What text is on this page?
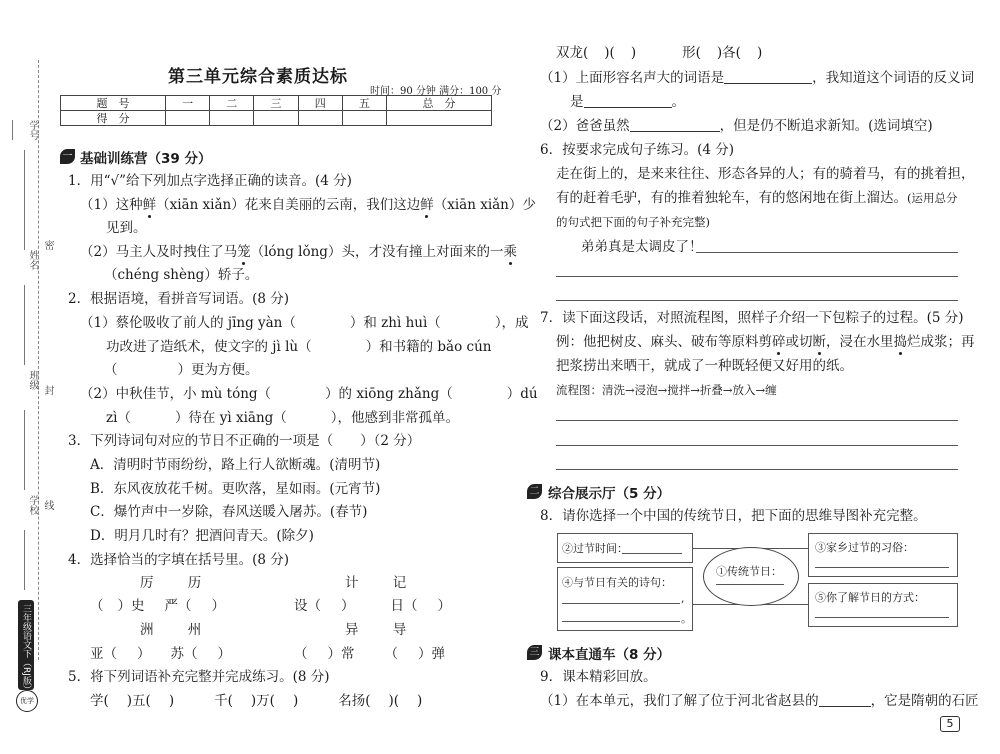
学号
姓名
班级
学校
密
封
线
三年级语文下（RJ版）
优学
第三单元综合素质达标
时间：90 分钟 满分：100 分
题　号	一	二	三	四	五	总　分
得　分						
一 基础训练营（39 分）
1．用“√”给下列加点字选择正确的读音。(4 分)
（1）这种鲜（xiān xiǎn）花来自美丽的云南，我们这边鲜（xiān xiǎn）少
见到。
（2）马主人及时拽住了马笼（lóng lǒng）头，才没有撞上对面来的一乘
（chéng shèng）轿子。
2．根据语境，看拼音写词语。(8 分)
（1）蔡伦吸收了前人的 jīng yàn（	）和 zhì huì（	），成
功改进了造纸术，使文字的 jì lù（	）和书籍的 bǎo cún
（	）更为方便。
（2）中秋佳节，小 mù tóng（	）的 xiōng zhǎng（	）dú
zì（	）待在 yì xiāng（	），他感到非常孤单。
3．下列诗词句对应的节日不正确的一项是（　　）（2 分）
A．清明时节雨纷纷，路上行人欲断魂。(清明节)
B．东风夜放花千树。更吹落，星如雨。(元宵节)
C．爆竹声中一岁除，春风送暖入屠苏。(春节)
D．明月几时有？把酒问青天。(除夕)
4．选择恰当的字填在括号里。(8 分)
厉	历	计	记
（ ）史 严（ ）	设（ ）	日（ ）
洲	州	异	导
亚（ ） 苏（ ）	（ ）常 （ ）弹
5．将下列词语补充完整并完成练习。(8 分)
学( )五( )	千( )万( )	名扬( )( )
双龙( )( )	形( )各( )
（1）上面形容名声大的词语是	，我知道这个词语的反义词
是	。
（2）爸爸虽然	，但是仍不断追求新知。(选词填空)
6．按要求完成句子练习。(4 分)
走在街上的，是来来往往、形态各异的人；有的骑着马，有的挑着担，
有的赶着毛驴，有的推着独轮车，有的悠闲地在街上溜达。(运用总分
的句式把下面的句子补充完整)
弟弟真是太调皮了！
7．读下面这段话，对照流程图，照样子介绍一下包粽子的过程。(5 分)
例：他把树皮、麻头、破布等原料剪碎或切断，浸在水里捣烂成浆；再
把浆捞出来晒干，就成了一种既轻便又好用的纸。
流程图：清洗→浸泡→搅拌→折叠→放入→缠
二 综合展示厅（5 分）
8．请你选择一个中国的传统节日，把下面的思维导图补充完整。
②过节时间：
④与节日有关的诗句：
,
。
③家乡过节的习俗：
⑤你了解节日的方式：
①传统节日：
三 课本直通车（8 分）
9．课本精彩回放。
（1）在本单元，我们了解了位于河北省赵县的	，它是隋朝的石匠
5
